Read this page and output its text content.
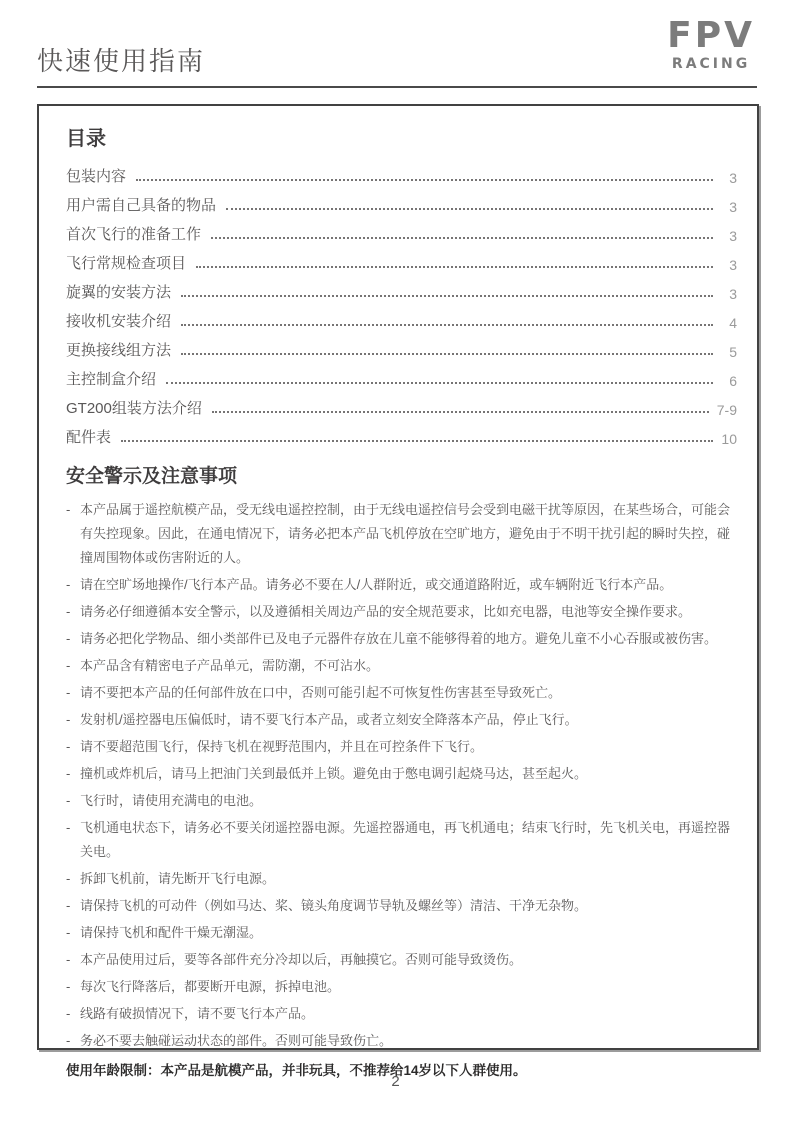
快速使用指南
FPV
RACING
目录
包装内容	3
用户需自己具备的物品	3
首次飞行的准备工作	3
飞行常规检查项目	3
旋翼的安装方法	3
接收机安装介绍	4
更换接线组方法	5
主控制盒介绍	6
GT200组装方法介绍	7-9
配件表	10
安全警示及注意事项
- 本产品属于遥控航模产品，受无线电遥控控制，由于无线电遥控信号会受到电磁干扰等原因，在某些场合，可能会有失控现象。因此，在通电情况下，请务必把本产品飞机停放在空旷地方，避免由于不明干扰引起的瞬时失控，碰撞周围物体或伤害附近的人。
- 请在空旷场地操作/飞行本产品。请务必不要在人/人群附近，或交通道路附近，或车辆附近飞行本产品。
- 请务必仔细遵循本安全警示，以及遵循相关周边产品的安全规范要求，比如充电器，电池等安全操作要求。
- 请务必把化学物品、细小类部件已及电子元器件存放在儿童不能够得着的地方。避免儿童不小心吞服或被伤害。
- 本产品含有精密电子产品单元，需防潮，不可沾水。
- 请不要把本产品的任何部件放在口中，否则可能引起不可恢复性伤害甚至导致死亡。
- 发射机/遥控器电压偏低时，请不要飞行本产品，或者立刻安全降落本产品，停止飞行。
- 请不要超范围飞行，保持飞机在视野范围内，并且在可控条件下飞行。
- 撞机或炸机后，请马上把油门关到最低并上锁。避免由于憋电调引起烧马达，甚至起火。
- 飞行时，请使用充满电的电池。
- 飞机通电状态下，请务必不要关闭遥控器电源。先遥控器通电，再飞机通电；结束飞行时，先飞机关电，再遥控器关电。
- 拆卸飞机前，请先断开飞行电源。
- 请保持飞机的可动件（例如马达、桨、镜头角度调节导轨及螺丝等）清洁、干净无杂物。
- 请保持飞机和配件干燥无潮湿。
- 本产品使用过后，要等各部件充分冷却以后，再触摸它。否则可能导致烫伤。
- 每次飞行降落后，都要断开电源，拆掉电池。
- 线路有破损情况下，请不要飞行本产品。
- 务必不要去触碰运动状态的部件。否则可能导致伤亡。

使用年龄限制：本产品是航模产品，并非玩具，不推荐给14岁以下人群使用。

2
